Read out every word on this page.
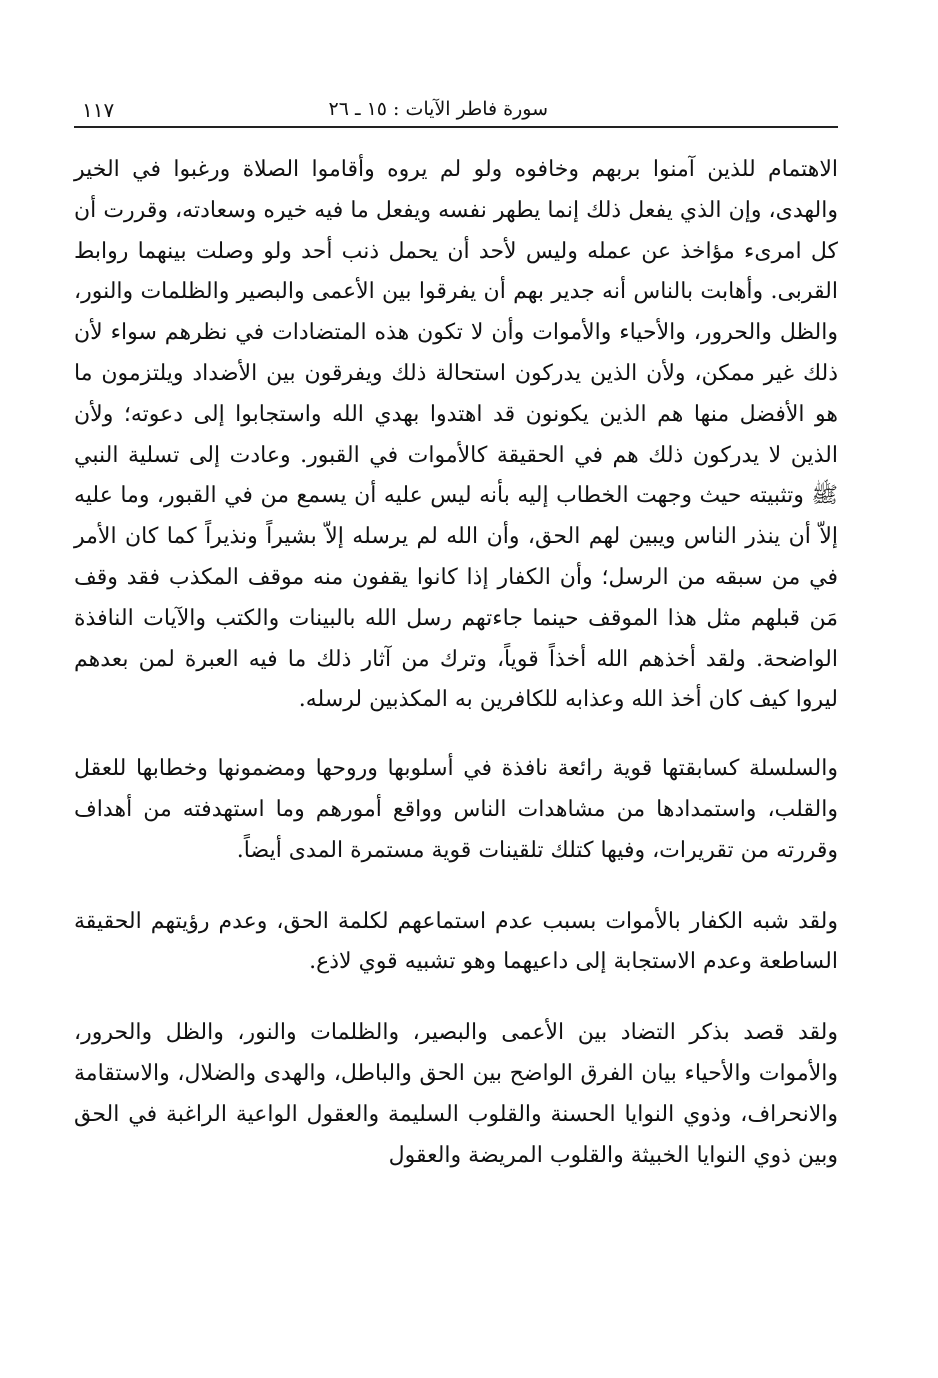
سورة فاطر الآيات : ١٥ ـ ٢٦
١١٧

الاهتمام للذين آمنوا بربهم وخافوه ولو لم يروه وأقاموا الصلاة ورغبوا في الخير والهدى، وإن الذي يفعل ذلك إنما يطهر نفسه ويفعل ما فيه خيره وسعادته، وقررت أن كل امرىء مؤاخذ عن عمله وليس لأحد أن يحمل ذنب أحد ولو وصلت بينهما روابط القربى. وأهابت بالناس أنه جدير بهم أن يفرقوا بين الأعمى والبصير والظلمات والنور، والظل والحرور، والأحياء والأموات وأن لا تكون هذه المتضادات في نظرهم سواء لأن ذلك غير ممكن، ولأن الذين يدركون استحالة ذلك ويفرقون بين الأضداد ويلتزمون ما هو الأفضل منها هم الذين يكونون قد اهتدوا بهدي الله واستجابوا إلى دعوته؛ ولأن الذين لا يدركون ذلك هم في الحقيقة كالأموات في القبور. وعادت إلى تسلية النبي ﷺ وتثبيته حيث وجهت الخطاب إليه بأنه ليس عليه أن يسمع من في القبور، وما عليه إلاّ أن ينذر الناس ويبين لهم الحق، وأن الله لم يرسله إلاّ بشيراً ونذيراً كما كان الأمر في من سبقه من الرسل؛ وأن الكفار إذا كانوا يقفون منه موقف المكذب فقد وقف مَن قبلهم مثل هذا الموقف حينما جاءتهم رسل الله بالبينات والكتب والآيات النافذة الواضحة. ولقد أخذهم الله أخذاً قوياً، وترك من آثار ذلك ما فيه العبرة لمن بعدهم ليروا كيف كان أخذ الله وعذابه للكافرين به المكذبين لرسله.

والسلسلة كسابقتها قوية رائعة نافذة في أسلوبها وروحها ومضمونها وخطابها للعقل والقلب، واستمدادها من مشاهدات الناس وواقع أمورهم وما استهدفته من أهداف وقررته من تقريرات، وفيها كتلك تلقينات قوية مستمرة المدى أيضاً.

ولقد شبه الكفار بالأموات بسبب عدم استماعهم لكلمة الحق، وعدم رؤيتهم الحقيقة الساطعة وعدم الاستجابة إلى داعيهما وهو تشبيه قوي لاذع.

ولقد قصد بذكر التضاد بين الأعمى والبصير، والظلمات والنور، والظل والحرور، والأموات والأحياء بيان الفرق الواضح بين الحق والباطل، والهدى والضلال، والاستقامة والانحراف، وذوي النوايا الحسنة والقلوب السليمة والعقول الواعية الراغبة في الحق وبين ذوي النوايا الخبيثة والقلوب المريضة والعقول
